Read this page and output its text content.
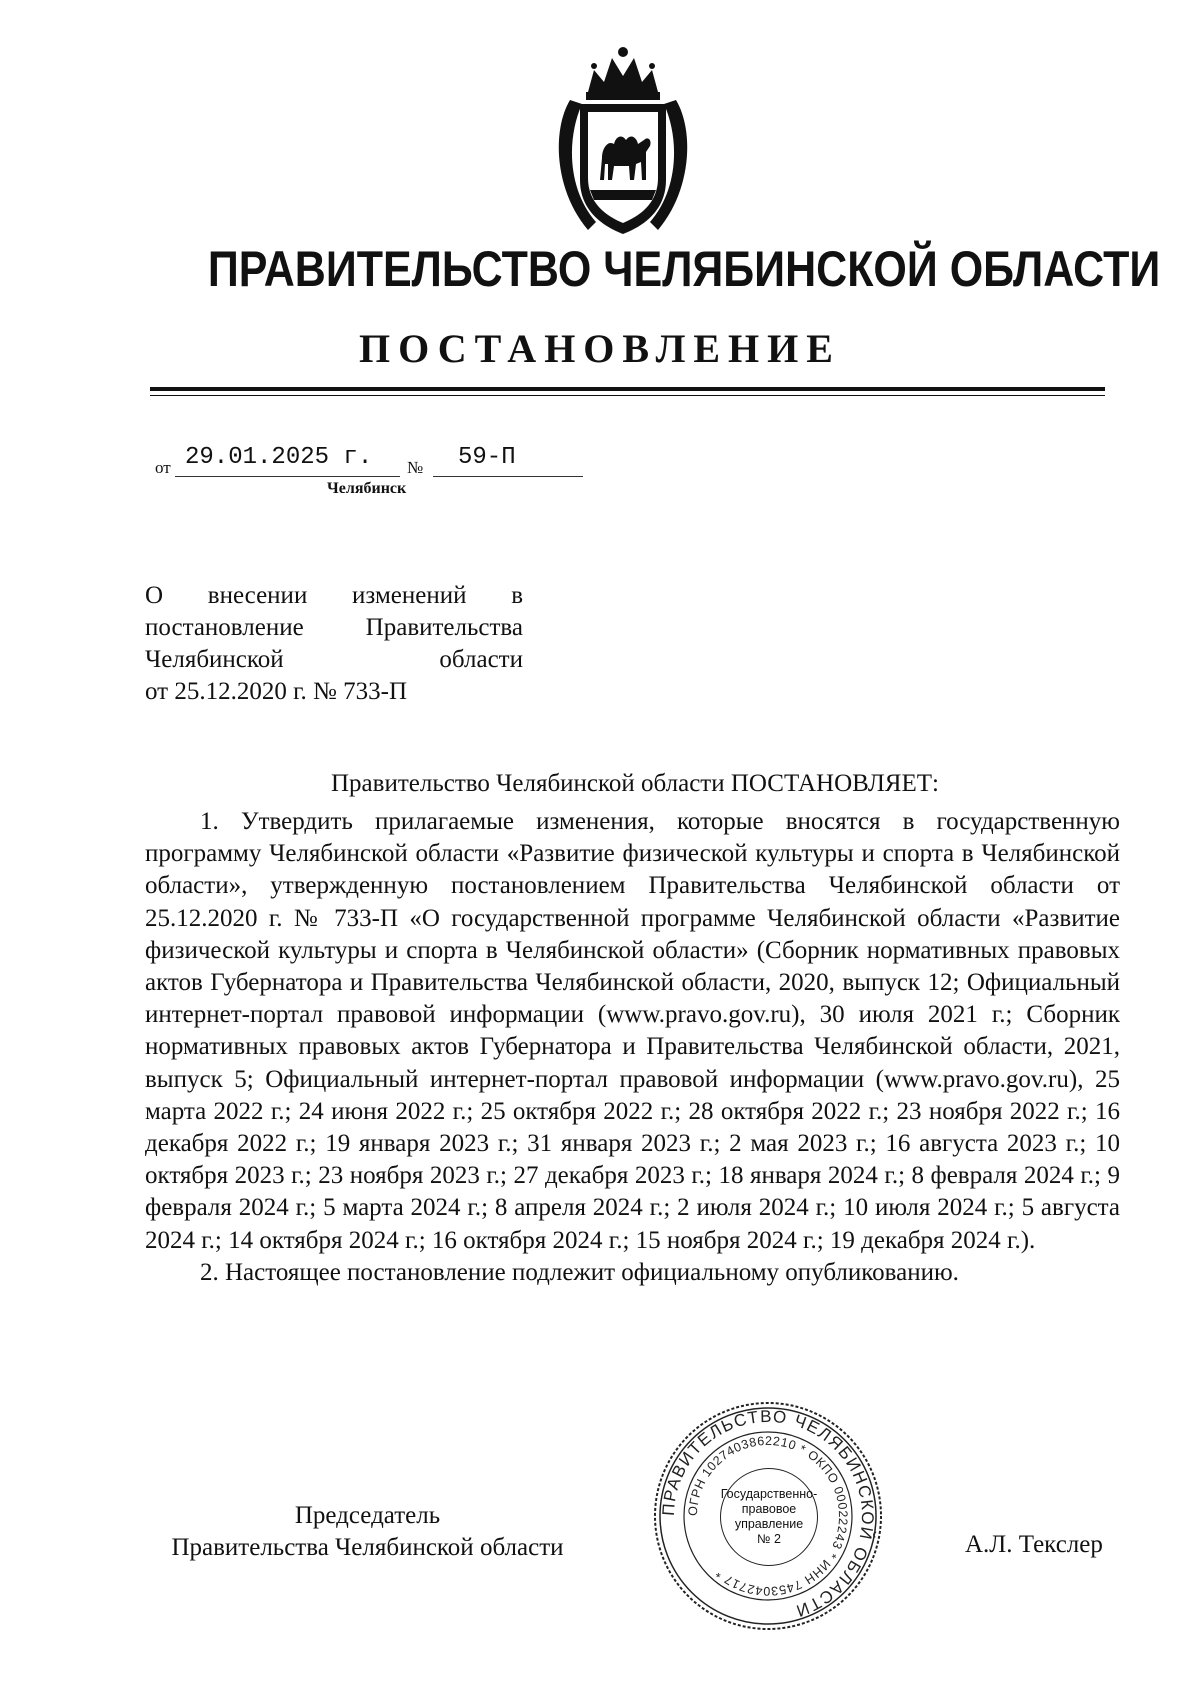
ПРАВИТЕЛЬСТВО ЧЕЛЯБИНСКОЙ ОБЛАСТИ
ПОСТАНОВЛЕНИЕ
от 29.01.2025 г. № 59-П
Челябинск
О внесении изменений в
постановление Правительства
Челябинской	области
от 25.12.2020 г. № 733-П
Правительство Челябинской области ПОСТАНОВЛЯЕТ:

1. Утвердить прилагаемые изменения, которые вносятся в государственную программу Челябинской области «Развитие физической культуры и спорта в Челябинской области», утвержденную постановлением Правительства Челябинской области от 25.12.2020 г. № 733-П «О государственной программе Челябинской области «Развитие физической культуры и спорта в Челябинской области» (Сборник нормативных правовых актов Губернатора и Правительства Челябинской области, 2020, выпуск 12; Официальный интернет-портал правовой информации (www.pravo.gov.ru), 30 июля 2021 г.; Сборник нормативных правовых актов Губернатора и Правительства Челябинской области, 2021, выпуск 5; Официальный интернет-портал правовой информации (www.pravo.gov.ru), 25 марта 2022 г.; 24 июня 2022 г.; 25 октября 2022 г.; 28 октября 2022 г.; 23 ноября 2022 г.; 16 декабря 2022 г.; 19 января 2023 г.; 31 января 2023 г.; 2 мая 2023 г.; 16 августа 2023 г.; 10 октября 2023 г.; 23 ноября 2023 г.; 27 декабря 2023 г.; 18 января 2024 г.; 8 февраля 2024 г.; 9 февраля 2024 г.; 5 марта 2024 г.; 8 апреля 2024 г.; 2 июля 2024 г.; 10 июля 2024 г.; 5 августа 2024 г.; 14 октября 2024 г.; 16 октября 2024 г.; 15 ноября 2024 г.; 19 декабря 2024 г.).

2. Настоящее постановление подлежит официальному опубликованию.

Председатель
Правительства Челябинской области	А.Л. Текслер
ПРАВИТЕЛЬСТВО ЧЕЛЯБИНСКОЙ ОБЛАСТИ
ОГРН 1027403862210 * ОКПО 00022243 * ИНН 7453042717 *
Государственно-
правовое
управление
№ 2
